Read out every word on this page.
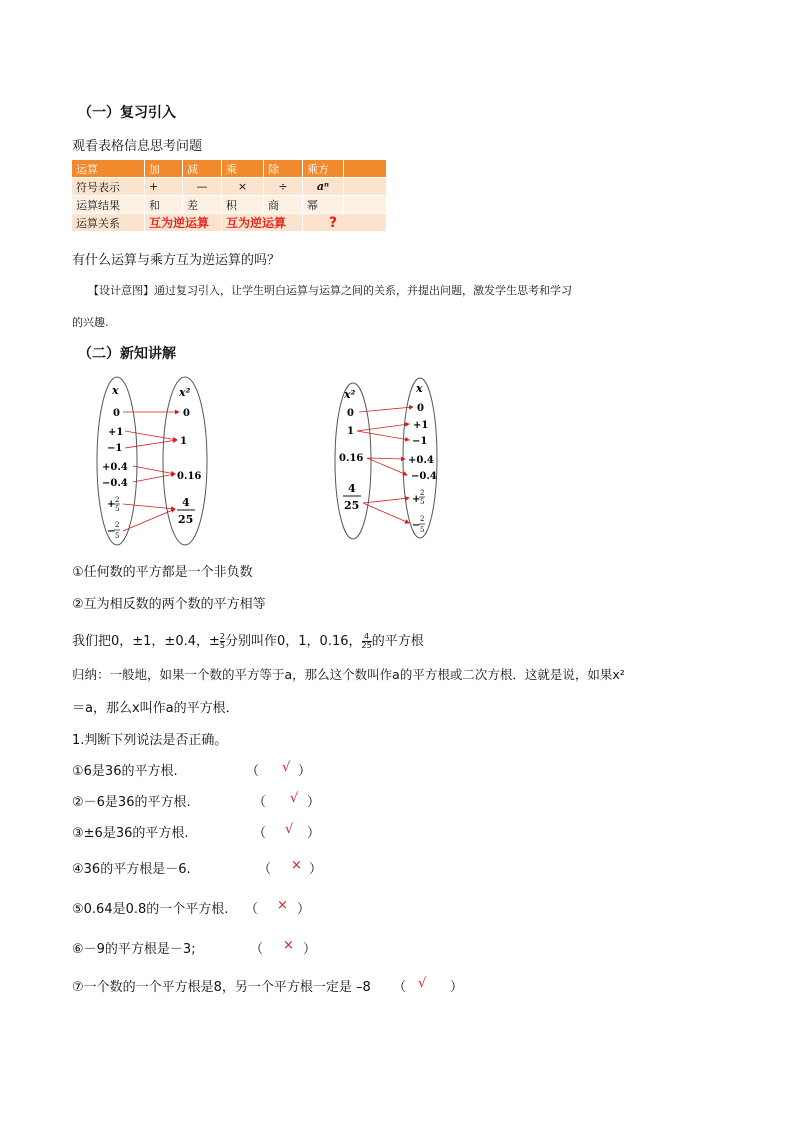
（一）复习引入
观看表格信息思考问题
运算	加	减	乘	除	乘方	
符号表示	+	—	×	÷	aⁿ	
运算结果	和	差	积	商	幂	
运算关系	互为逆运算		互为逆运算		?	
有什么运算与乘方互为逆运算的吗？
【设计意图】通过复习引入，让学生明白运算与运算之间的关系，并提出问题，激发学生思考和学习
的兴趣.
（二）新知讲解
x	x²
0
+1
−1
+0.4
−0.4
+ 2
5
−
2
5
0
1
0.16
4
25
x²	x
0
1
0.16
4
25
0
+1
−1
+0.4
−0.4
+
2
5
−
2
5
①任何数的平方都是一个非负数
②互为相反数的两个数的平方相等
我们把0，±1，±0.4，± $\frac{2}{5}$ 分别叫作0，1，0.16， $\frac{4}{25}$ 的平方根
归纳：一般地，如果一个数的平方等于a，那么这个数叫作a的平方根或二次方根．这就是说，如果x²
＝a，那么x叫作a的平方根．
1.判断下列说法是否正确。
①6是36的平方根.	（ √ ）
②－6是36的平方根.	（ √ ）
③±6是36的平方根.	（ √ ）
④36的平方根是－6.	（ × ）
⑤0.64是0.8的一个平方根. （ × ）
⑥－9的平方根是－3;	（ × ）
⑦一个数的一个平方根是8，另一个平方根一定是 –8 （ √ ）
